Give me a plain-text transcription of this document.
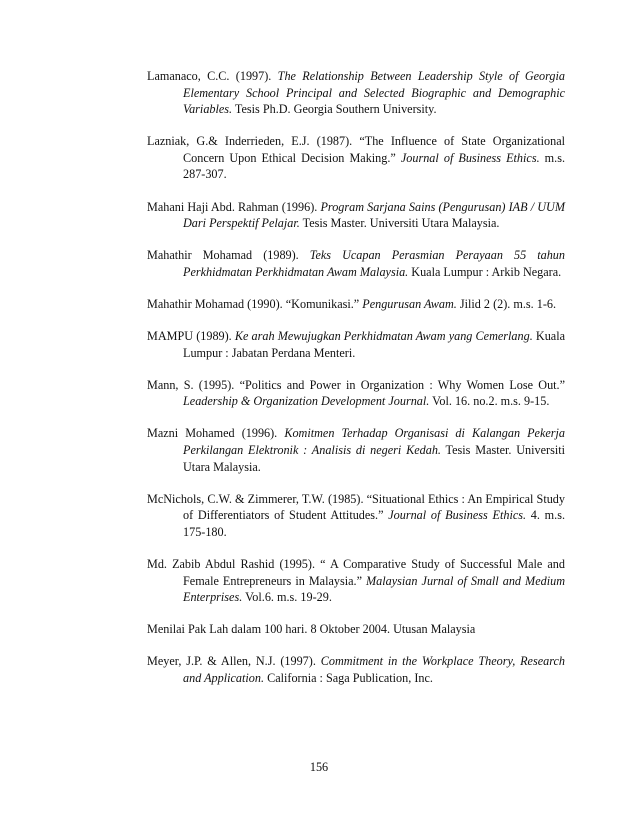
Lamanaco, C.C. (1997). The Relationship Between Leadership Style of Georgia Elementary School Principal and Selected Biographic and Demographic Variables. Tesis Ph.D. Georgia Southern University.

Lazniak, G.& Inderrieden, E.J. (1987). “The Influence of State Organizational Concern Upon Ethical Decision Making.” Journal of Business Ethics. m.s. 287-307.

Mahani Haji Abd. Rahman (1996). Program Sarjana Sains (Pengurusan) IAB / UUM Dari Perspektif Pelajar. Tesis Master. Universiti Utara Malaysia.

Mahathir Mohamad (1989). Teks Ucapan Perasmian Perayaan 55 tahun Perkhidmatan Perkhidmatan Awam Malaysia. Kuala Lumpur : Arkib Negara.

Mahathir Mohamad (1990). “Komunikasi.” Pengurusan Awam. Jilid 2 (2). m.s. 1-6.

MAMPU (1989). Ke arah Mewujugkan Perkhidmatan Awam yang Cemerlang. Kuala Lumpur : Jabatan Perdana Menteri.

Mann, S. (1995). “Politics and Power in Organization : Why Women Lose Out.” Leadership & Organization Development Journal. Vol. 16. no.2. m.s. 9-15.

Mazni Mohamed (1996). Komitmen Terhadap Organisasi di Kalangan Pekerja Perkilangan Elektronik : Analisis di negeri Kedah. Tesis Master. Universiti Utara Malaysia.

McNichols, C.W. & Zimmerer, T.W. (1985). “Situational Ethics : An Empirical Study of Differentiators of Student Attitudes.” Journal of Business Ethics. 4. m.s. 175-180.

Md. Zabib Abdul Rashid (1995). “ A Comparative Study of Successful Male and Female Entrepreneurs in Malaysia.” Malaysian Jurnal of Small and Medium Enterprises. Vol.6. m.s. 19-29.

Menilai Pak Lah dalam 100 hari. 8 Oktober 2004. Utusan Malaysia

Meyer, J.P. & Allen, N.J. (1997). Commitment in the Workplace Theory, Research and Application. California : Saga Publication, Inc.

156
